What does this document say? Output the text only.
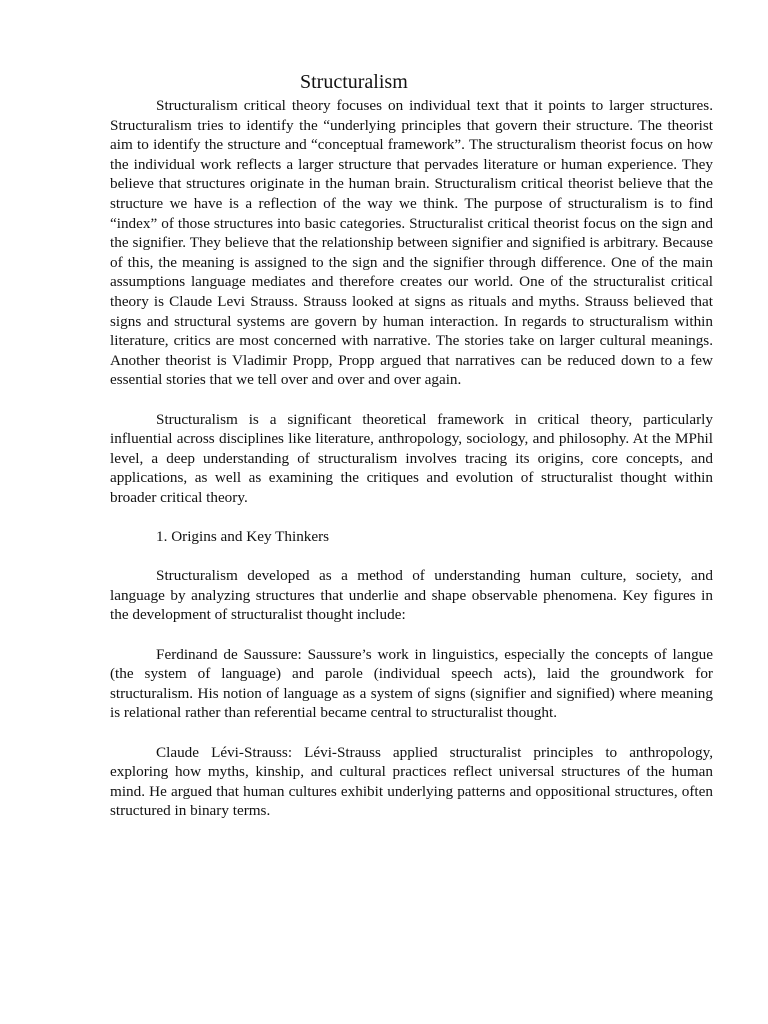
Structuralism

Structuralism critical theory focuses on individual text that it points to larger structures. Structuralism tries to identify the “underlying principles that govern their structure. The theorist aim to identify the structure and “conceptual framework”. The structuralism theorist focus on how the individual work reflects a larger structure that pervades literature or human experience. They believe that structures originate in the human brain. Structuralism critical theorist believe that the structure we have is a reflection of the way we think. The purpose of structuralism is to find “index” of those structures into basic categories. Structuralist critical theorist focus on the sign and the signifier. They believe that the relationship between signifier and signified is arbitrary. Because of this, the meaning is assigned to the sign and the signifier through difference. One of the main assumptions language mediates and therefore creates our world. One of the structuralist critical theory is Claude Levi Strauss. Strauss looked at signs as rituals and myths. Strauss believed that signs and structural systems are govern by human interaction. In regards to structuralism within literature, critics are most concerned with narrative. The stories take on larger cultural meanings. Another theorist is Vladimir Propp, Propp argued that narratives can be reduced down to a few essential stories that we tell over and over and over again.

Structuralism is a significant theoretical framework in critical theory, particularly influential across disciplines like literature, anthropology, sociology, and philosophy. At the MPhil level, a deep understanding of structuralism involves tracing its origins, core concepts, and applications, as well as examining the critiques and evolution of structuralist thought within broader critical theory.

1. Origins and Key Thinkers

Structuralism developed as a method of understanding human culture, society, and language by analyzing structures that underlie and shape observable phenomena. Key figures in the development of structuralist thought include:

Ferdinand de Saussure: Saussure’s work in linguistics, especially the concepts of langue (the system of language) and parole (individual speech acts), laid the groundwork for structuralism. His notion of language as a system of signs (signifier and signified) where meaning is relational rather than referential became central to structuralist thought.

Claude Lévi-Strauss: Lévi-Strauss applied structuralist principles to anthropology, exploring how myths, kinship, and cultural practices reflect universal structures of the human mind. He argued that human cultures exhibit underlying patterns and oppositional structures, often structured in binary terms.
